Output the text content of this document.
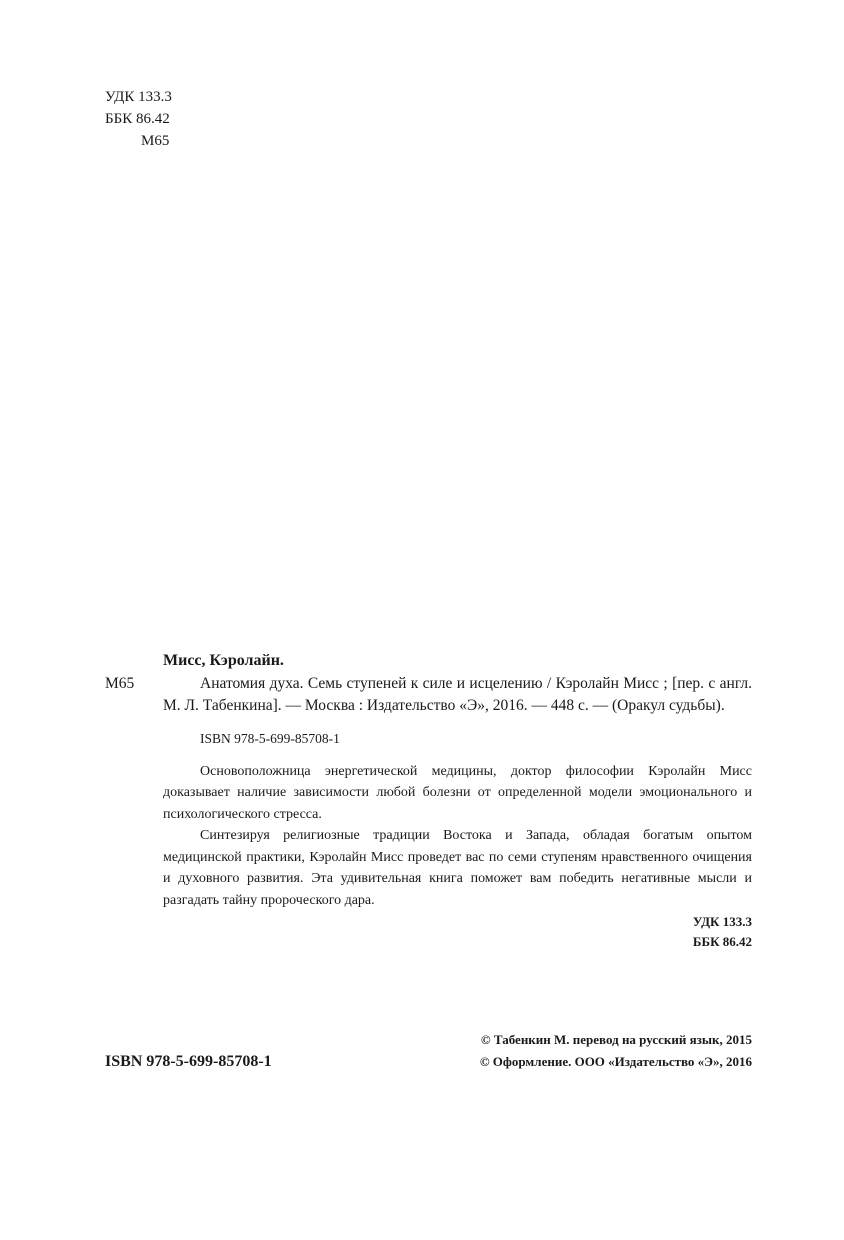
УДК 133.3
ББК 86.42
М65
М65
Мисс, Кэролайн.

Анатомия духа. Семь ступеней к силе и исцелению / Кэролайн Мисс ; [пер. с англ. М. Л. Табенкина]. — Москва : Издательство «Э», 2016. — 448 с. — (Оракул судьбы).

ISBN 978-5-699-85708-1

Основоположница энергетической медицины, доктор философии Кэролайн Мисс доказывает наличие зависимости любой болезни от определенной модели эмоционального и психологического стресса.

Синтезируя религиозные традиции Востока и Запада, обладая богатым опытом медицинской практики, Кэролайн Мисс проведет вас по семи ступеням нравственного очищения и духовного развития. Эта удивительная книга поможет вам победить негативные мысли и разгадать тайну пророческого дара.

УДК 133.3
ББК 86.42
ISBN 978-5-699-85708-1
© Табенкин М. перевод на русский язык, 2015
© Оформление. ООО «Издательство «Э», 2016
